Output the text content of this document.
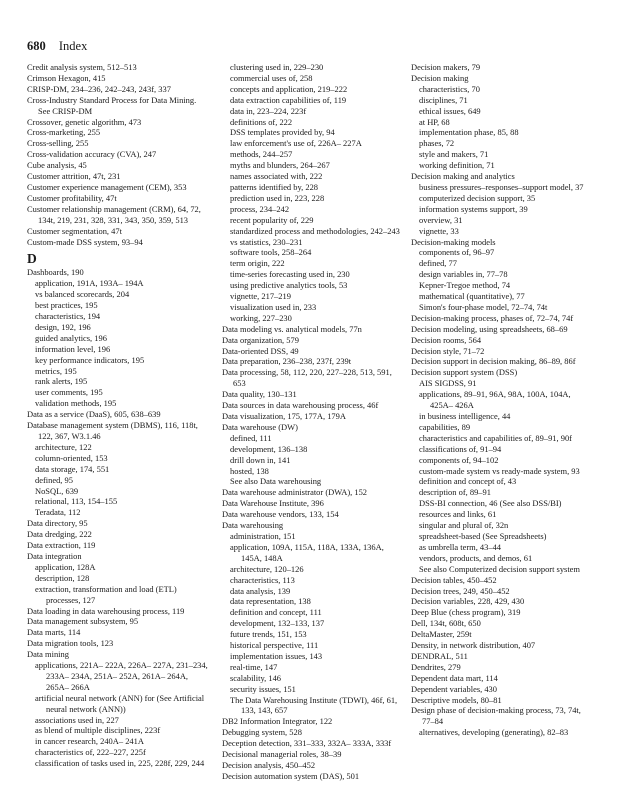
680 Index
Credit analysis system, 512–513
Crimson Hexagon, 415
CRISP-DM, 234–236, 242–243, 243f, 337
Cross-Industry Standard Process for Data Mining. See CRISP-DM
Crossover, genetic algorithm, 473
Cross-marketing, 255
Cross-selling, 255
Cross-validation accuracy (CVA), 247
Cube analysis, 45
Customer attrition, 47t, 231
Customer experience management (CEM), 353
Customer profitability, 47t
Customer relationship management (CRM), 64, 72, 134t, 219, 231, 328, 331, 343, 350, 359, 513
Customer segmentation, 47t
Custom-made DSS system, 93–94
D
Dashboards, 190
application, 191A, 193A– 194A
vs balanced scorecards, 204
best practices, 195
characteristics, 194
design, 192, 196
guided analytics, 196
information level, 196
key performance indicators, 195
metrics, 195
rank alerts, 195
user comments, 195
validation methods, 195
Data as a service (DaaS), 605, 638–639
Database management system (DBMS), 116, 118t, 122, 367, W3.1.46
architecture, 122
column-oriented, 153
data storage, 174, 551
defined, 95
NoSQL, 639
relational, 113, 154–155
Teradata, 112
Data directory, 95
Data dredging, 222
Data extraction, 119
Data integration
application, 128A
description, 128
extraction, transformation and load (ETL) processes, 127
Data loading in data warehousing process, 119
Data management subsystem, 95
Data marts, 114
Data migration tools, 123
Data mining
applications, 221A– 222A, 226A– 227A, 231–234, 233A– 234A, 251A– 252A, 261A– 264A, 265A– 266A
artificial neural network (ANN) for (See Artificial neural network (ANN))
associations used in, 227
as blend of multiple disciplines, 223f
in cancer research, 240A– 241A
characteristics of, 222–227, 225f
classification of tasks used in, 225, 228f, 229, 244
clustering used in, 229–230
commercial uses of, 258
concepts and application, 219–222
data extraction capabilities of, 119
data in, 223–224, 223f
definitions of, 222
DSS templates provided by, 94
law enforcement's use of, 226A– 227A
methods, 244–257
myths and blunders, 264–267
names associated with, 222
patterns identified by, 228
prediction used in, 223, 228
process, 234–242
recent popularity of, 229
standardized process and methodologies, 242–243
vs statistics, 230–231
software tools, 258–264
term origin, 222
time-series forecasting used in, 230
using predictive analytics tools, 53
vignette, 217–219
visualization used in, 233
working, 227–230
Data modeling vs. analytical models, 77n
Data organization, 579
Data-oriented DSS, 49
Data preparation, 236–238, 237f, 239t
Data processing, 58, 112, 220, 227–228, 513, 591, 653
Data quality, 130–131
Data sources in data warehousing process, 46f
Data visualization, 175, 177A, 179A
Data warehouse (DW)
defined, 111
development, 136–138
drill down in, 141
hosted, 138
See also Data warehousing
Data warehouse administrator (DWA), 152
Data Warehouse Institute, 396
Data warehouse vendors, 133, 154
Data warehousing
administration, 151
application, 109A, 115A, 118A, 133A, 136A, 145A, 148A
architecture, 120–126
characteristics, 113
data analysis, 139
data representation, 138
definition and concept, 111
development, 132–133, 137
future trends, 151, 153
historical perspective, 111
implementation issues, 143
real-time, 147
scalability, 146
security issues, 151
The Data Warehousing Institute (TDWI), 46f, 61, 133, 143, 657
DB2 Information Integrator, 122
Debugging system, 528
Deception detection, 331–333, 332A– 333A, 333f
Decisional managerial roles, 38–39
Decision analysis, 450–452
Decision automation system (DAS), 501
Decision makers, 79
Decision making
characteristics, 70
disciplines, 71
ethical issues, 649
at HP, 68
implementation phase, 85, 88
phases, 72
style and makers, 71
working definition, 71
Decision making and analytics
business pressures–responses–support model, 37
computerized decision support, 35
information systems support, 39
overview, 31
vignette, 33
Decision-making models
components of, 96–97
defined, 77
design variables in, 77–78
Kepner-Tregoe method, 74
mathematical (quantitative), 77
Simon's four-phase model, 72–74, 74t
Decision-making process, phases of, 72–74, 74f
Decision modeling, using spreadsheets, 68–69
Decision rooms, 564
Decision style, 71–72
Decision support in decision making, 86–89, 86f
Decision support system (DSS)
AIS SIGDSS, 91
applications, 89–91, 96A, 98A, 100A, 104A, 425A– 426A
in business intelligence, 44
capabilities, 89
characteristics and capabilities of, 89–91, 90f
classifications of, 91–94
components of, 94–102
custom-made system vs ready-made system, 93
definition and concept of, 43
description of, 89–91
DSS-BI connection, 46 (See also DSS/BI)
resources and links, 61
singular and plural of, 32n
spreadsheet-based (See Spreadsheets)
as umbrella term, 43–44
vendors, products, and demos, 61
See also Computerized decision support system
Decision tables, 450–452
Decision trees, 249, 450–452
Decision variables, 228, 429, 430
Deep Blue (chess program), 319
Dell, 134t, 608t, 650
DeltaMaster, 259t
Density, in network distribution, 407
DENDRAL, 511
Dendrites, 279
Dependent data mart, 114
Dependent variables, 430
Descriptive models, 80–81
Design phase of decision-making process, 73, 74t, 77–84
alternatives, developing (generating), 82–83
